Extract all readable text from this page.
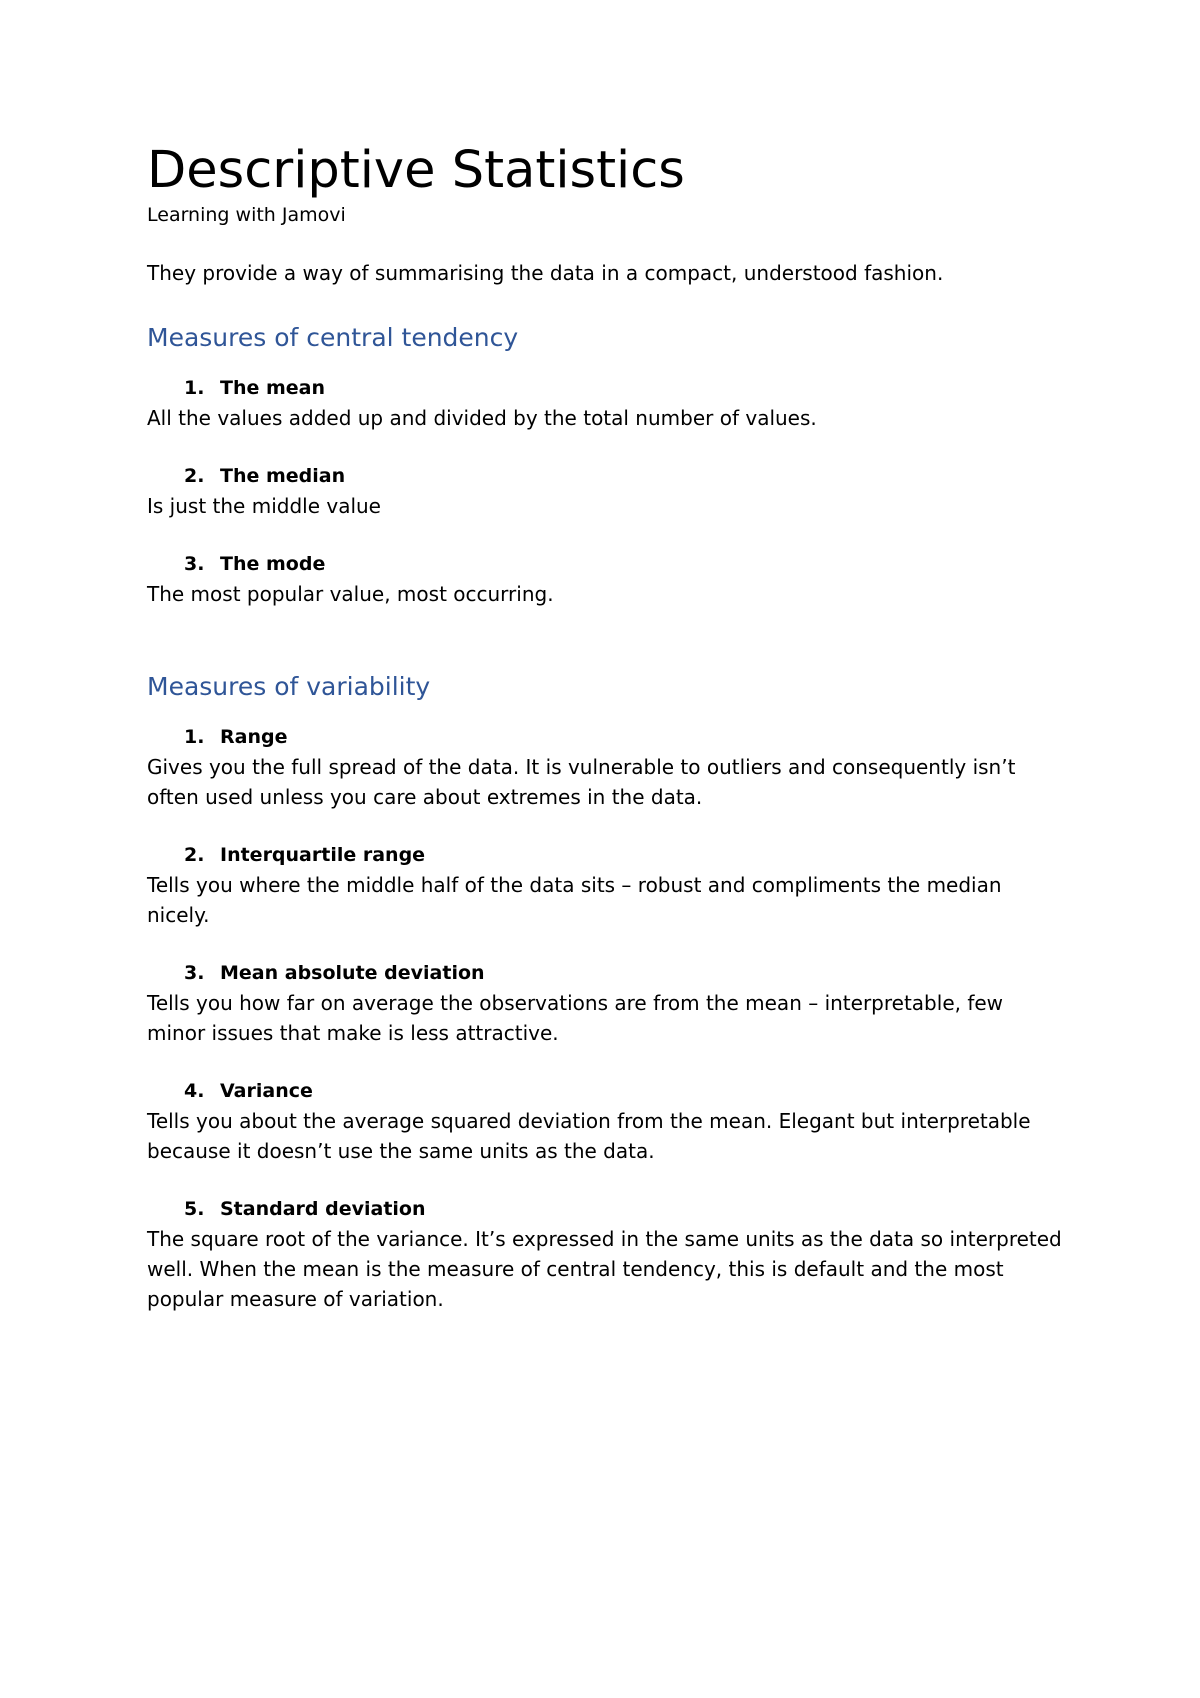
Descriptive Statistics

Learning with Jamovi

They provide a way of summarising the data in a compact, understood fashion.

Measures of central tendency
1. The mean

All the values added up and divided by the total number of values.

2. The median

Is just the middle value

3. The mode

The most popular value, most occurring.

Measures of variability
1. Range

Gives you the full spread of the data. It is vulnerable to outliers and consequently isn’t often used unless you care about extremes in the data.

2. Interquartile range

Tells you where the middle half of the data sits – robust and compliments the median nicely.

3. Mean absolute deviation

Tells you how far on average the observations are from the mean – interpretable, few minor issues that make is less attractive.

4. Variance

Tells you about the average squared deviation from the mean. Elegant but interpretable because it doesn’t use the same units as the data.

5. Standard deviation

The square root of the variance. It’s expressed in the same units as the data so interpreted well. When the mean is the measure of central tendency, this is default and the most popular measure of variation.
